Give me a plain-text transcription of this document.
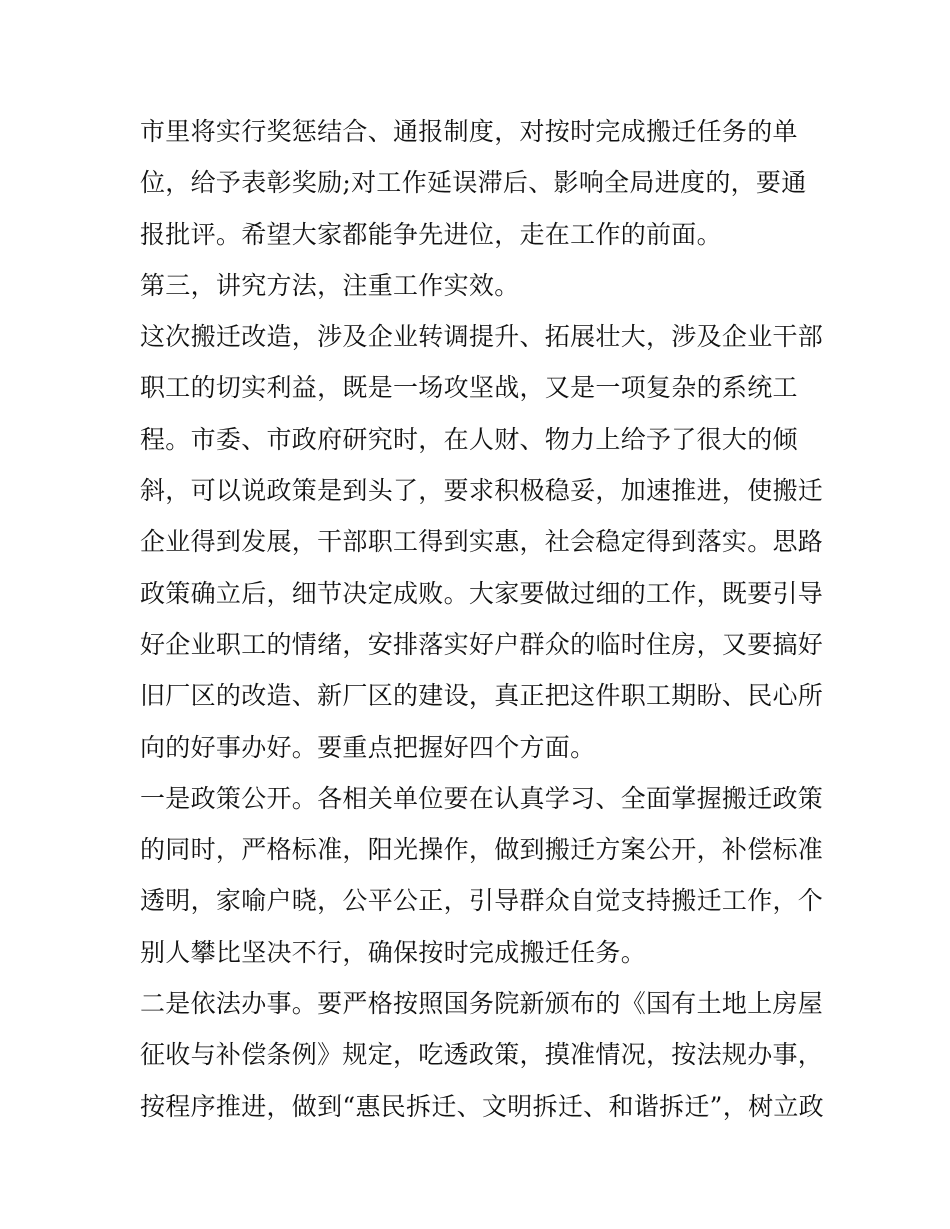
市里将实行奖惩结合、通报制度，对按时完成搬迁任务的单
位，给予表彰奖励;对工作延误滞后、影响全局进度的，要通
报批评。希望大家都能争先进位，走在工作的前面。
第三，讲究方法，注重工作实效。
这次搬迁改造，涉及企业转调提升、拓展壮大，涉及企业干部
职工的切实利益，既是一场攻坚战，又是一项复杂的系统工
程。市委、市政府研究时，在人财、物力上给予了很大的倾
斜，可以说政策是到头了，要求积极稳妥，加速推进，使搬迁
企业得到发展，干部职工得到实惠，社会稳定得到落实。思路
政策确立后，细节决定成败。大家要做过细的工作，既要引导
好企业职工的情绪，安排落实好户群众的临时住房，又要搞好
旧厂区的改造、新厂区的建设，真正把这件职工期盼、民心所
向的好事办好。要重点把握好四个方面。
一是政策公开。各相关单位要在认真学习、全面掌握搬迁政策
的同时，严格标准，阳光操作，做到搬迁方案公开，补偿标准
透明，家喻户晓，公平公正，引导群众自觉支持搬迁工作，个
别人攀比坚决不行，确保按时完成搬迁任务。
二是依法办事。要严格按照国务院新颁布的《国有土地上房屋
征收与补偿条例》规定，吃透政策，摸准情况，按法规办事，
按程序推进，做到“惠民拆迁、文明拆迁、和谐拆迁”，树立政
